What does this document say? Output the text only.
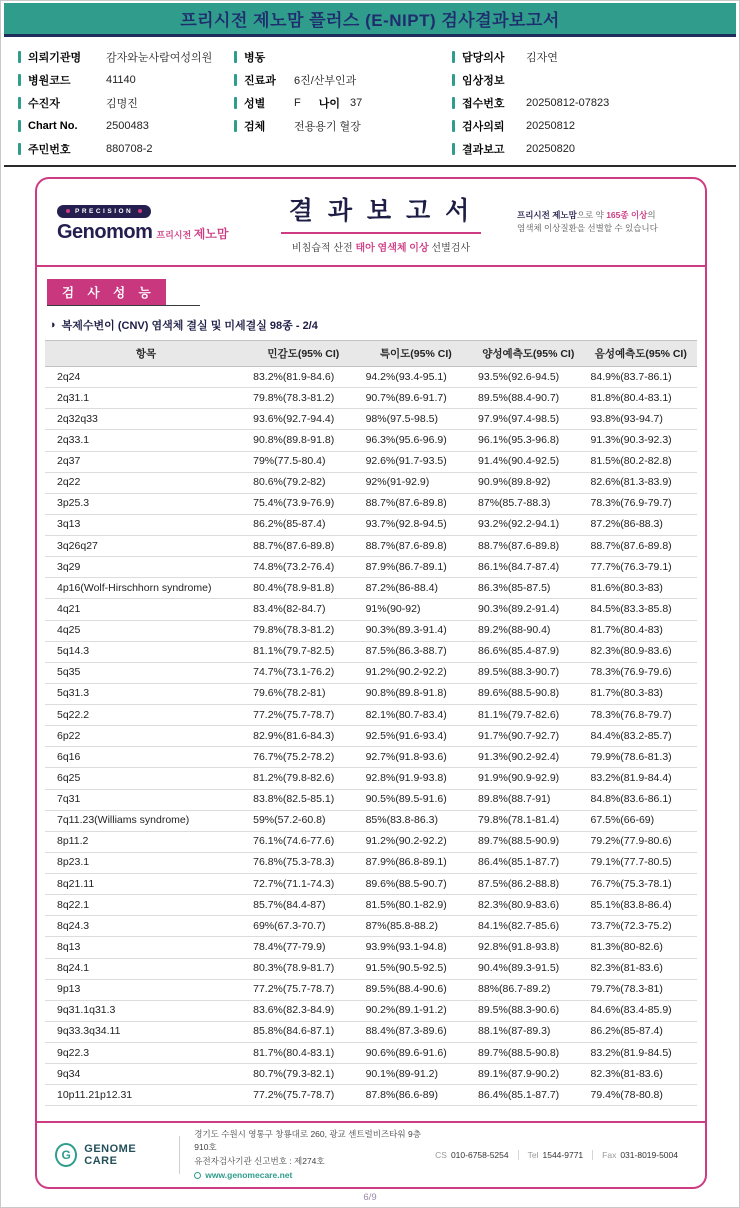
프리시전 제노맘 플러스 (E-NIPT) 검사결과보고서
의뢰기관명	감자와눈사람여성의원
병원코드	41140
수진자	김명진
Chart No.	2500483
주민번호	880708-2
병동
진료과	6진/산부인과
성별	F 나이 37
검체	전용용기 혈장
담당의사	김자연
임상정보
접수번호	20250812-07823
검사의뢰	20250812
결과보고	20250820
PRECISION
Genomom 프리시전 제노맘
결 과 보 고 서
비침습적 산전 태아 염색체 이상 선별검사
프리시전 제노맘으로 약 165종 이상의
염색체 이상질환을 선별할 수 있습니다
검 사 성 능
◑ 복제수변이 (CNV) 염색체 결실 및 미세결실 98종 - 2/4
항목	민감도(95% CI)	특이도(95% CI)	양성예측도(95% CI)	음성예측도(95% CI)
2q24	83.2%(81.9-84.6)	94.2%(93.4-95.1)	93.5%(92.6-94.5)	84.9%(83.7-86.1)
2q31.1	79.8%(78.3-81.2)	90.7%(89.6-91.7)	89.5%(88.4-90.7)	81.8%(80.4-83.1)
2q32q33	93.6%(92.7-94.4)	98%(97.5-98.5)	97.9%(97.4-98.5)	93.8%(93-94.7)
2q33.1	90.8%(89.8-91.8)	96.3%(95.6-96.9)	96.1%(95.3-96.8)	91.3%(90.3-92.3)
2q37	79%(77.5-80.4)	92.6%(91.7-93.5)	91.4%(90.4-92.5)	81.5%(80.2-82.8)
2q22	80.6%(79.2-82)	92%(91-92.9)	90.9%(89.8-92)	82.6%(81.3-83.9)
3p25.3	75.4%(73.9-76.9)	88.7%(87.6-89.8)	87%(85.7-88.3)	78.3%(76.9-79.7)
3q13	86.2%(85-87.4)	93.7%(92.8-94.5)	93.2%(92.2-94.1)	87.2%(86-88.3)
3q26q27	88.7%(87.6-89.8)	88.7%(87.6-89.8)	88.7%(87.6-89.8)	88.7%(87.6-89.8)
3q29	74.8%(73.2-76.4)	87.9%(86.7-89.1)	86.1%(84.7-87.4)	77.7%(76.3-79.1)
4p16(Wolf-Hirschhorn syndrome)	80.4%(78.9-81.8)	87.2%(86-88.4)	86.3%(85-87.5)	81.6%(80.3-83)
4q21	83.4%(82-84.7)	91%(90-92)	90.3%(89.2-91.4)	84.5%(83.3-85.8)
4q25	79.8%(78.3-81.2)	90.3%(89.3-91.4)	89.2%(88-90.4)	81.7%(80.4-83)
5q14.3	81.1%(79.7-82.5)	87.5%(86.3-88.7)	86.6%(85.4-87.9)	82.3%(80.9-83.6)
5q35	74.7%(73.1-76.2)	91.2%(90.2-92.2)	89.5%(88.3-90.7)	78.3%(76.9-79.6)
5q31.3	79.6%(78.2-81)	90.8%(89.8-91.8)	89.6%(88.5-90.8)	81.7%(80.3-83)
5q22.2	77.2%(75.7-78.7)	82.1%(80.7-83.4)	81.1%(79.7-82.6)	78.3%(76.8-79.7)
6p22	82.9%(81.6-84.3)	92.5%(91.6-93.4)	91.7%(90.7-92.7)	84.4%(83.2-85.7)
6q16	76.7%(75.2-78.2)	92.7%(91.8-93.6)	91.3%(90.2-92.4)	79.9%(78.6-81.3)
6q25	81.2%(79.8-82.6)	92.8%(91.9-93.8)	91.9%(90.9-92.9)	83.2%(81.9-84.4)
7q31	83.8%(82.5-85.1)	90.5%(89.5-91.6)	89.8%(88.7-91)	84.8%(83.6-86.1)
7q11.23(Williams syndrome)	59%(57.2-60.8)	85%(83.8-86.3)	79.8%(78.1-81.4)	67.5%(66-69)
8p11.2	76.1%(74.6-77.6)	91.2%(90.2-92.2)	89.7%(88.5-90.9)	79.2%(77.9-80.6)
8p23.1	76.8%(75.3-78.3)	87.9%(86.8-89.1)	86.4%(85.1-87.7)	79.1%(77.7-80.5)
8q21.11	72.7%(71.1-74.3)	89.6%(88.5-90.7)	87.5%(86.2-88.8)	76.7%(75.3-78.1)
8q22.1	85.7%(84.4-87)	81.5%(80.1-82.9)	82.3%(80.9-83.6)	85.1%(83.8-86.4)
8q24.3	69%(67.3-70.7)	87%(85.8-88.2)	84.1%(82.7-85.6)	73.7%(72.3-75.2)
8q13	78.4%(77-79.9)	93.9%(93.1-94.8)	92.8%(91.8-93.8)	81.3%(80-82.6)
8q24.1	80.3%(78.9-81.7)	91.5%(90.5-92.5)	90.4%(89.3-91.5)	82.3%(81-83.6)
9p13	77.2%(75.7-78.7)	89.5%(88.4-90.6)	88%(86.7-89.2)	79.7%(78.3-81)
9q31.1q31.3	83.6%(82.3-84.9)	90.2%(89.1-91.2)	89.5%(88.3-90.6)	84.6%(83.4-85.9)
9q33.3q34.11	85.8%(84.6-87.1)	88.4%(87.3-89.6)	88.1%(87-89.3)	86.2%(85-87.4)
9q22.3	81.7%(80.4-83.1)	90.6%(89.6-91.6)	89.7%(88.5-90.8)	83.2%(81.9-84.5)
9q34	80.7%(79.3-82.1)	90.1%(89-91.2)	89.1%(87.9-90.2)	82.3%(81-83.6)
10p11.21p12.31	77.2%(75.7-78.7)	87.8%(86.6-89)	86.4%(85.1-87.7)	79.4%(78-80.8)
G	GENOME CARE
경기도 수원시 영통구 창룡대로 260, 광교 센트럴비즈타워 9층 910호
유전자검사기관 신고번호 : 제274호
www.genomecare.net
CS 010-6758-5254	Tel 1544-9771	Fax 031-8019-5004
6/9
